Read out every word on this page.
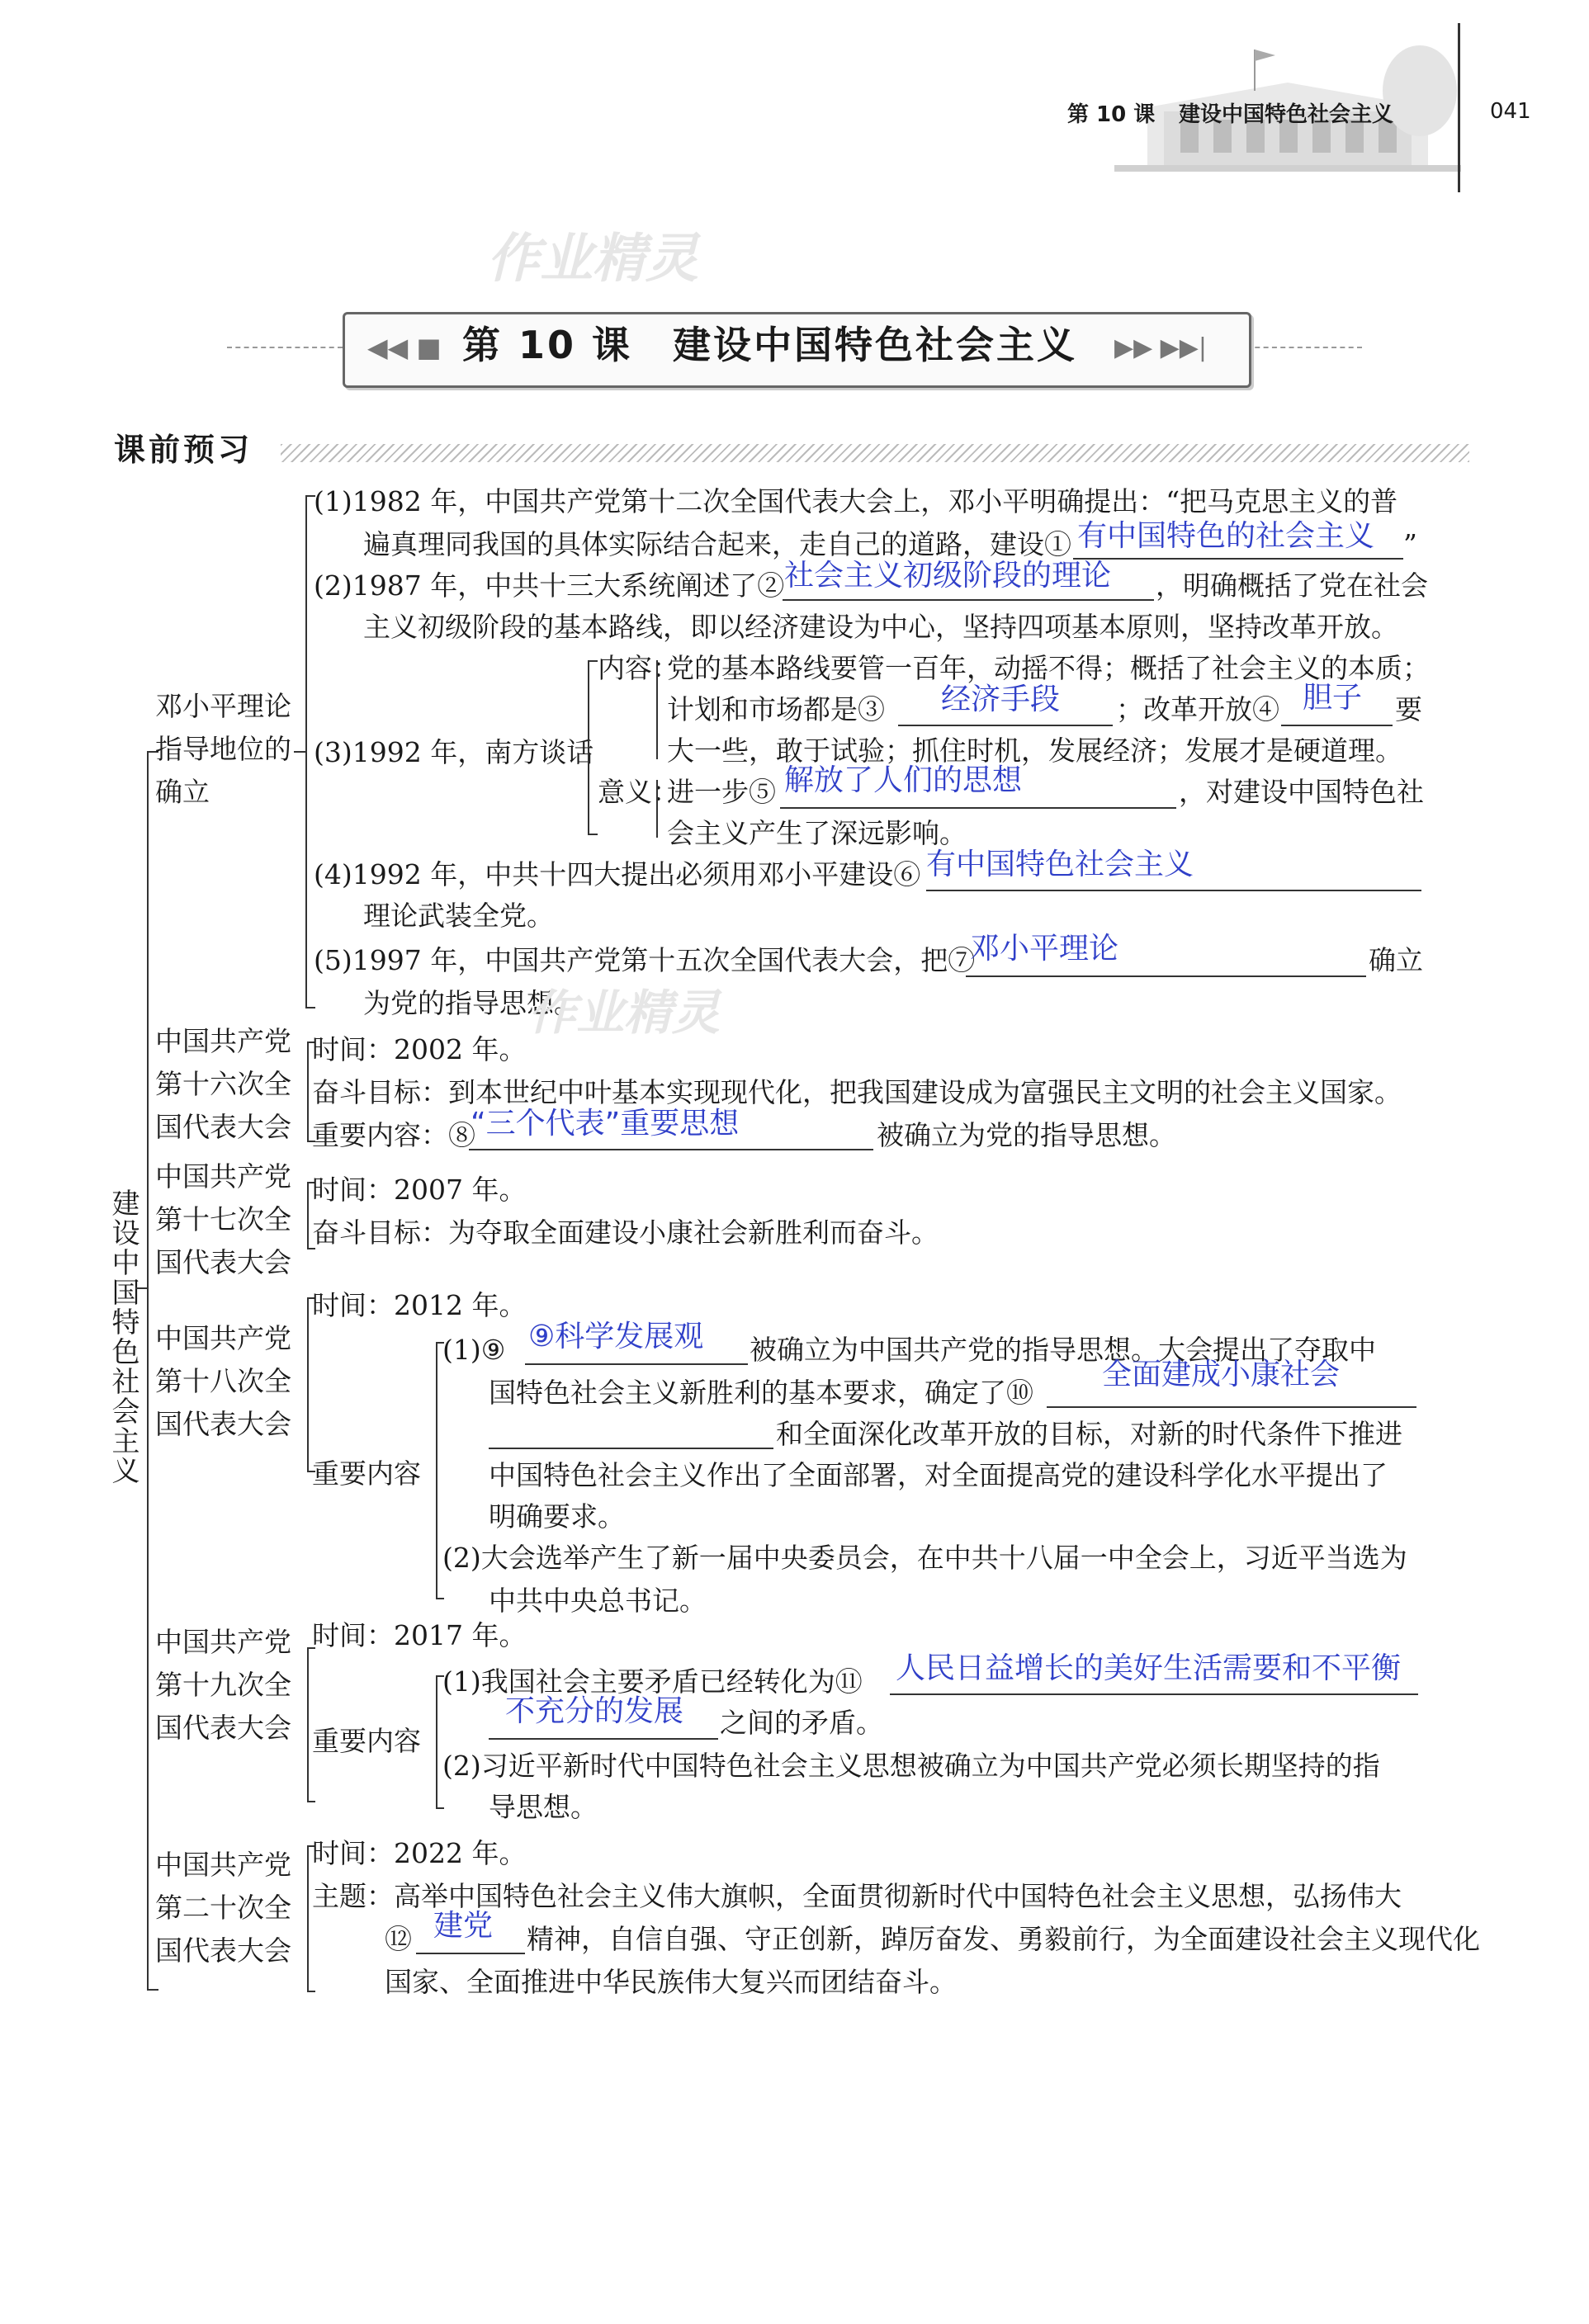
第 10 课 建设中国特色社会主义	041
作业精灵
◀◀ ■ 第 10 课　建设中国特色社会主义 ▶▶ ▶▶|
课前预习
建设中国特色社会主义
邓小平理论
指导地位的
确立
(1)1982 年，中国共产党第十二次全国代表大会上，邓小平明确提出：“把马克思主义的普
遍真理同我国的具体实际结合起来，走自己的道路，建设① 有中国特色的社会主义 ”
(2)1987 年，中共十三大系统阐述了② 社会主义初级阶段的理论 ，明确概括了党在社会
主义初级阶段的基本路线，即以经济建设为中心，坚持四项基本原则，坚持改革开放。
(3)1992 年，南方谈话
内容：
党的基本路线要管一百年，动摇不得；概括了社会主义的本质；
计划和市场都是③ 经济手段 ；改革开放④ 胆子 要
大一些，敢于试验；抓住时机，发展经济；发展才是硬道理。
意义：
进一步⑤ 解放了人们的思想	，对建设中国特色社
会主义产生了深远影响。
(4)1992 年，中共十四大提出必须用邓小平建设⑥ 有中国特色社会主义
理论武装全党。
(5)1997 年，中国共产党第十五次全国代表大会，把⑦
邓小平理论	确立
为党的指导思想。
作业精灵
中国共产党
第十六次全
国代表大会
时间：2002 年。
奋斗目标：到本世纪中叶基本实现现代化，把我国建设成为富强民主文明的社会主义国家。
重要内容：⑧
“三个代表”重要思想	被确立为党的指导思想。
中国共产党
第十七次全
国代表大会
时间：2007 年。
奋斗目标：为夺取全面建设小康社会新胜利而奋斗。
中国共产党
第十八次全
国代表大会
时间：2012 年。
重要内容
(1)⑨ ⑨科学发展观 被确立为中国共产党的指导思想。大会提出了夺取中
国特色社会主义新胜利的基本要求，确定了⑩
全面建成小康社会
和全面深化改革开放的目标，对新的时代条件下推进
中国特色社会主义作出了全面部署，对全面提高党的建设科学化水平提出了
明确要求。
(2)大会选举产生了新一届中央委员会，在中共十八届一中全会上，习近平当选为
中共中央总书记。
中国共产党
第十九次全
国代表大会
时间：2017 年。
重要内容
(1)我国社会主要矛盾已经转化为⑪ 人民日益增长的美好生活需要和不平衡
不充分的发展 之间的矛盾。
(2)习近平新时代中国特色社会主义思想被确立为中国共产党必须长期坚持的指
导思想。
中国共产党
第二十次全
国代表大会
时间：2022 年。
主题：高举中国特色社会主义伟大旗帜，全面贯彻新时代中国特色社会主义思想，弘扬伟大
⑫ 建党 精神，自信自强、守正创新，踔厉奋发、勇毅前行，为全面建设社会主义现代化
国家、全面推进中华民族伟大复兴而团结奋斗。
